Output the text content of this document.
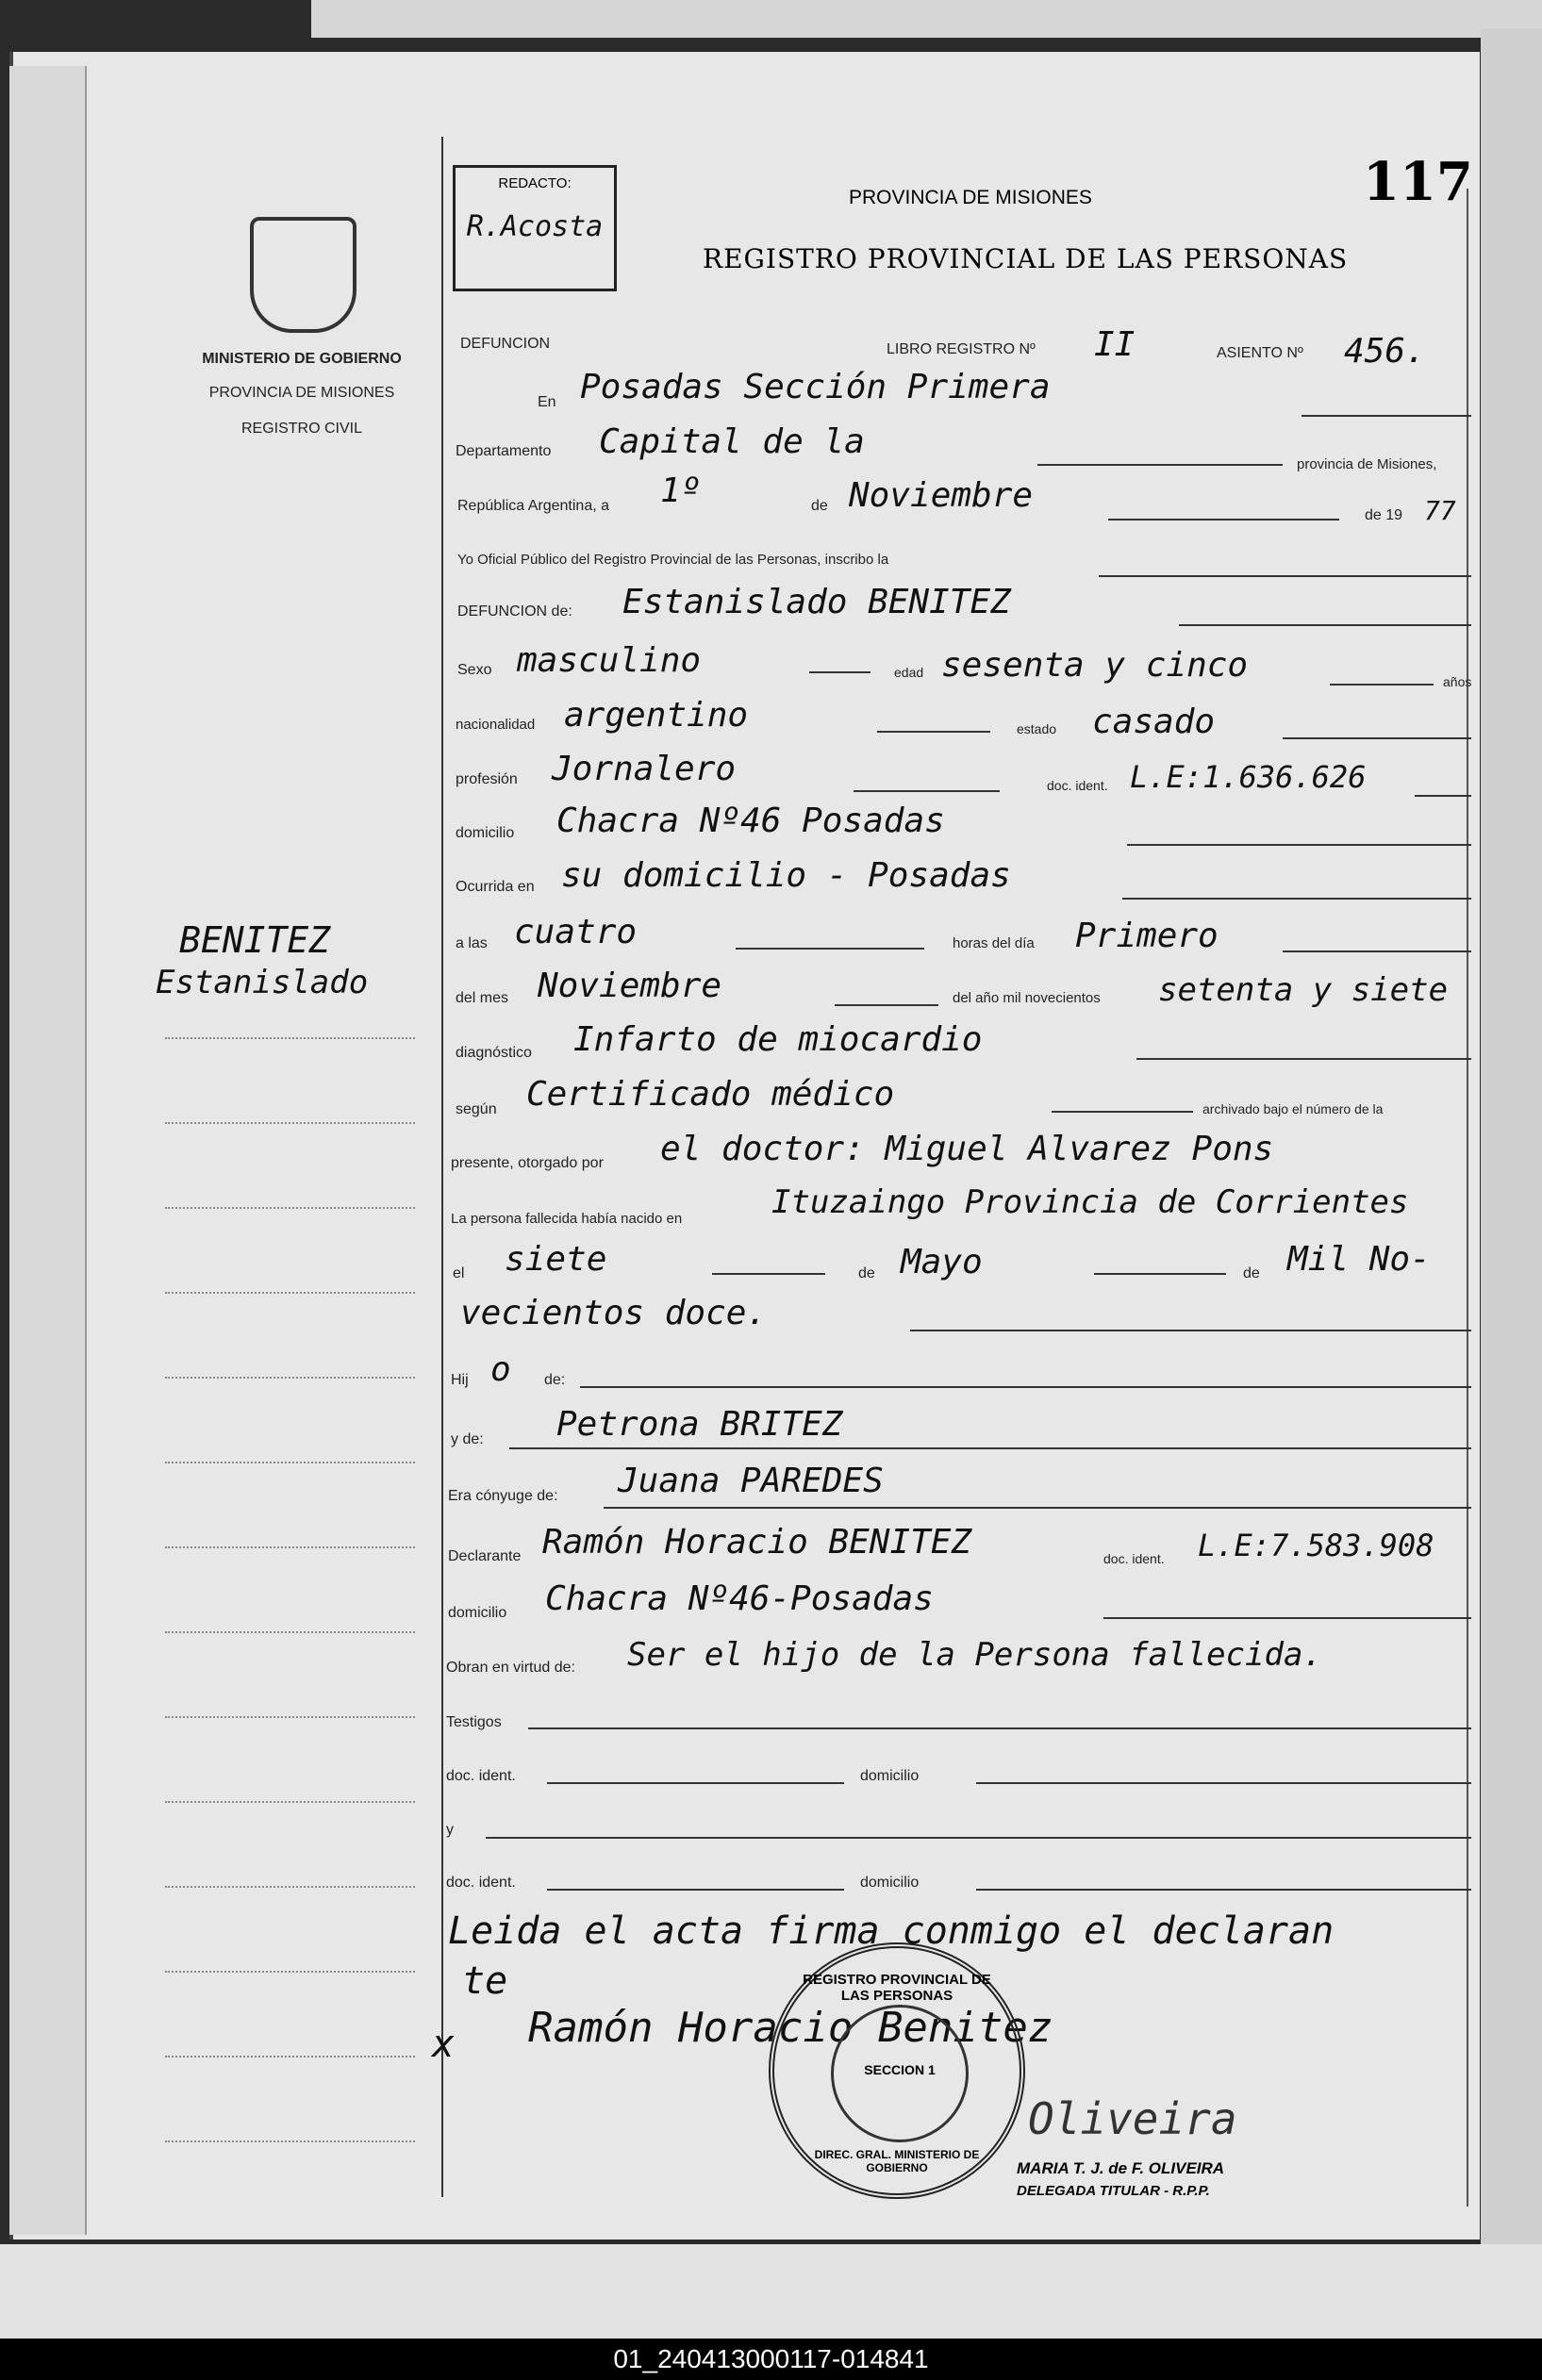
117
MINISTERIO DE GOBIERNO
PROVINCIA DE MISIONES
REGISTRO CIVIL
REDACTO:
R.Acosta
PROVINCIA DE MISIONES
REGISTRO PROVINCIAL DE LAS PERSONAS
BENITEZ
Estanislado
DEFUNCION	LIBRO REGISTRO Nº II	ASIENTO Nº 456.
En Posadas Sección Primera
Departamento Capital de la
provincia de Misiones,
República Argentina, a 1º	de Noviembre
de 19 77
Yo Oficial Público del Registro Provincial de las Personas, inscribo la
DEFUNCION de: Estanislado BENITEZ
Sexo masculino	edad sesenta y cinco	años
nacionalidad argentino	estado casado
profesión Jornalero	doc. ident. L.E:1.636.626
domicilio Chacra Nº46 Posadas
Ocurrida en su domicilio - Posadas
a las cuatro	horas del día Primero
del mes Noviembre	del año mil novecientos setenta y siete
diagnóstico Infarto de miocardio
según Certificado médico	archivado bajo el número de la
presente, otorgado por el doctor: Miguel Alvarez Pons
La persona fallecida había nacido en	Ituzaingo Provincia de Corrientes
el siete	de Mayo	de Mil No-
vecientos doce.
Hij o de:
y de: Petrona BRITEZ
Era cónyuge de: Juana PAREDES
Declarante Ramón Horacio BENITEZ	doc. ident. L.E:7.583.908
domicilio Chacra Nº46-Posadas
Obran en virtud de: Ser el hijo de la Persona fallecida.
Testigos
doc. ident.	domicilio
y
doc. ident.	domicilio
Leida el acta firma conmigo el declaran
te
x Ramón Horacio Benitez
Oliveira
REGISTRO PROVINCIAL DE LAS PERSONAS
SECCION 1
DIREC. GRAL. MINISTERIO DE GOBIERNO	MARIA T. J. de F. OLIVEIRA
DELEGADA TITULAR - R.P.P.
01_240413000117-014841
